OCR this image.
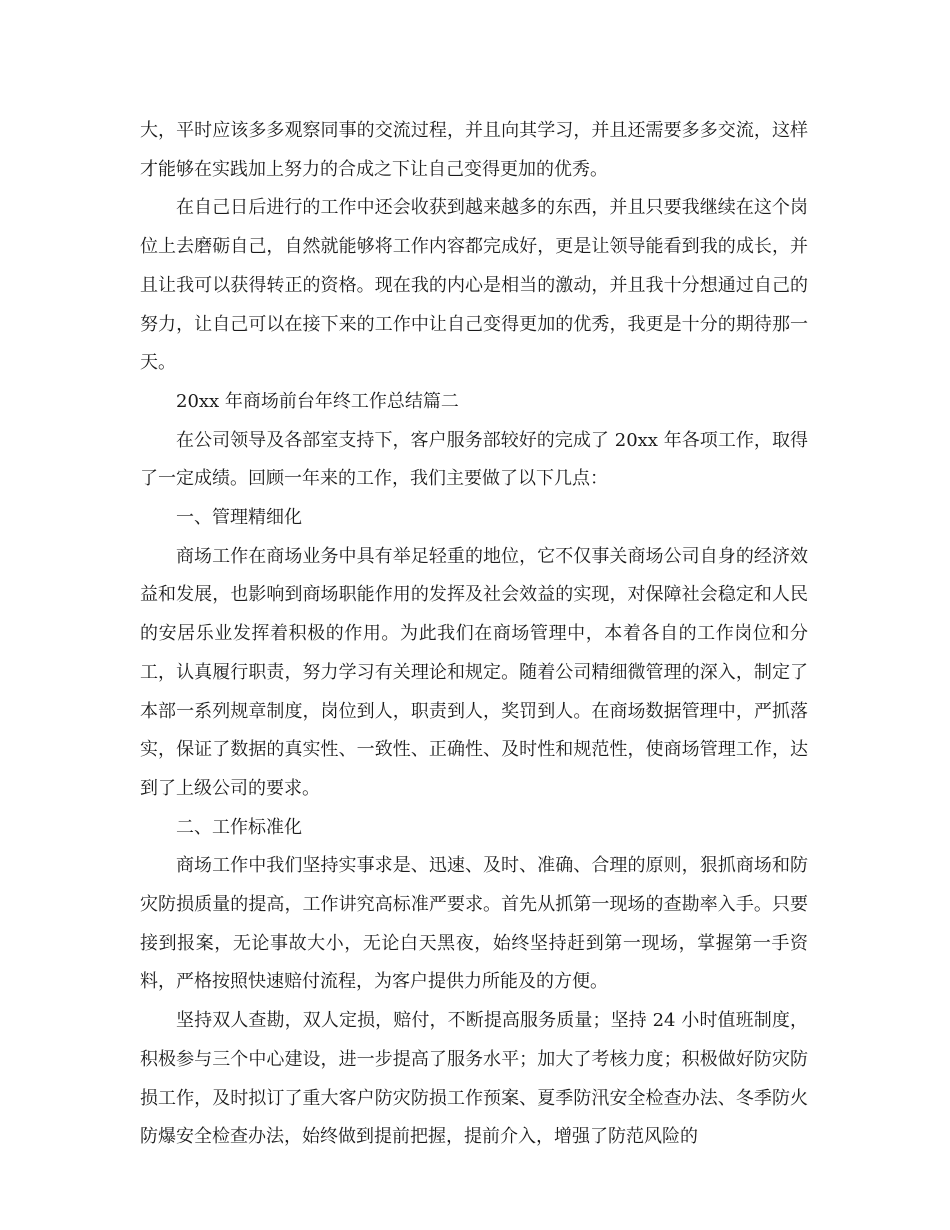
大，平时应该多多观察同事的交流过程，并且向其学习，并且还需要多多交流，这样才能够在实践加上努力的合成之下让自己变得更加的优秀。

在自己日后进行的工作中还会收获到越来越多的东西，并且只要我继续在这个岗位上去磨砺自己，自然就能够将工作内容都完成好，更是让领导能看到我的成长，并且让我可以获得转正的资格。现在我的内心是相当的激动，并且我十分想通过自己的努力，让自己可以在接下来的工作中让自己变得更加的优秀，我更是十分的期待那一天。

20xx 年商场前台年终工作总结篇二

在公司领导及各部室支持下，客户服务部较好的完成了 20xx 年各项工作，取得了一定成绩。回顾一年来的工作，我们主要做了以下几点：

一、管理精细化

商场工作在商场业务中具有举足轻重的地位，它不仅事关商场公司自身的经济效益和发展，也影响到商场职能作用的发挥及社会效益的实现，对保障社会稳定和人民的安居乐业发挥着积极的作用。为此我们在商场管理中，本着各自的工作岗位和分工，认真履行职责，努力学习有关理论和规定。随着公司精细微管理的深入，制定了本部一系列规章制度，岗位到人，职责到人，奖罚到人。在商场数据管理中，严抓落实，保证了数据的真实性、一致性、正确性、及时性和规范性，使商场管理工作，达到了上级公司的要求。

二、工作标准化

商场工作中我们坚持实事求是、迅速、及时、准确、合理的原则，狠抓商场和防灾防损质量的提高，工作讲究高标准严要求。首先从抓第一现场的查勘率入手。只要接到报案，无论事故大小，无论白天黑夜，始终坚持赶到第一现场，掌握第一手资料，严格按照快速赔付流程，为客户提供力所能及的方便。

坚持双人查勘，双人定损，赔付，不断提高服务质量；坚持 24 小时值班制度，积极参与三个中心建设，进一步提高了服务水平；加大了考核力度；积极做好防灾防损工作，及时拟订了重大客户防灾防损工作预案、夏季防汛安全检查办法、冬季防火防爆安全检查办法，始终做到提前把握，提前介入，增强了防范风险的
